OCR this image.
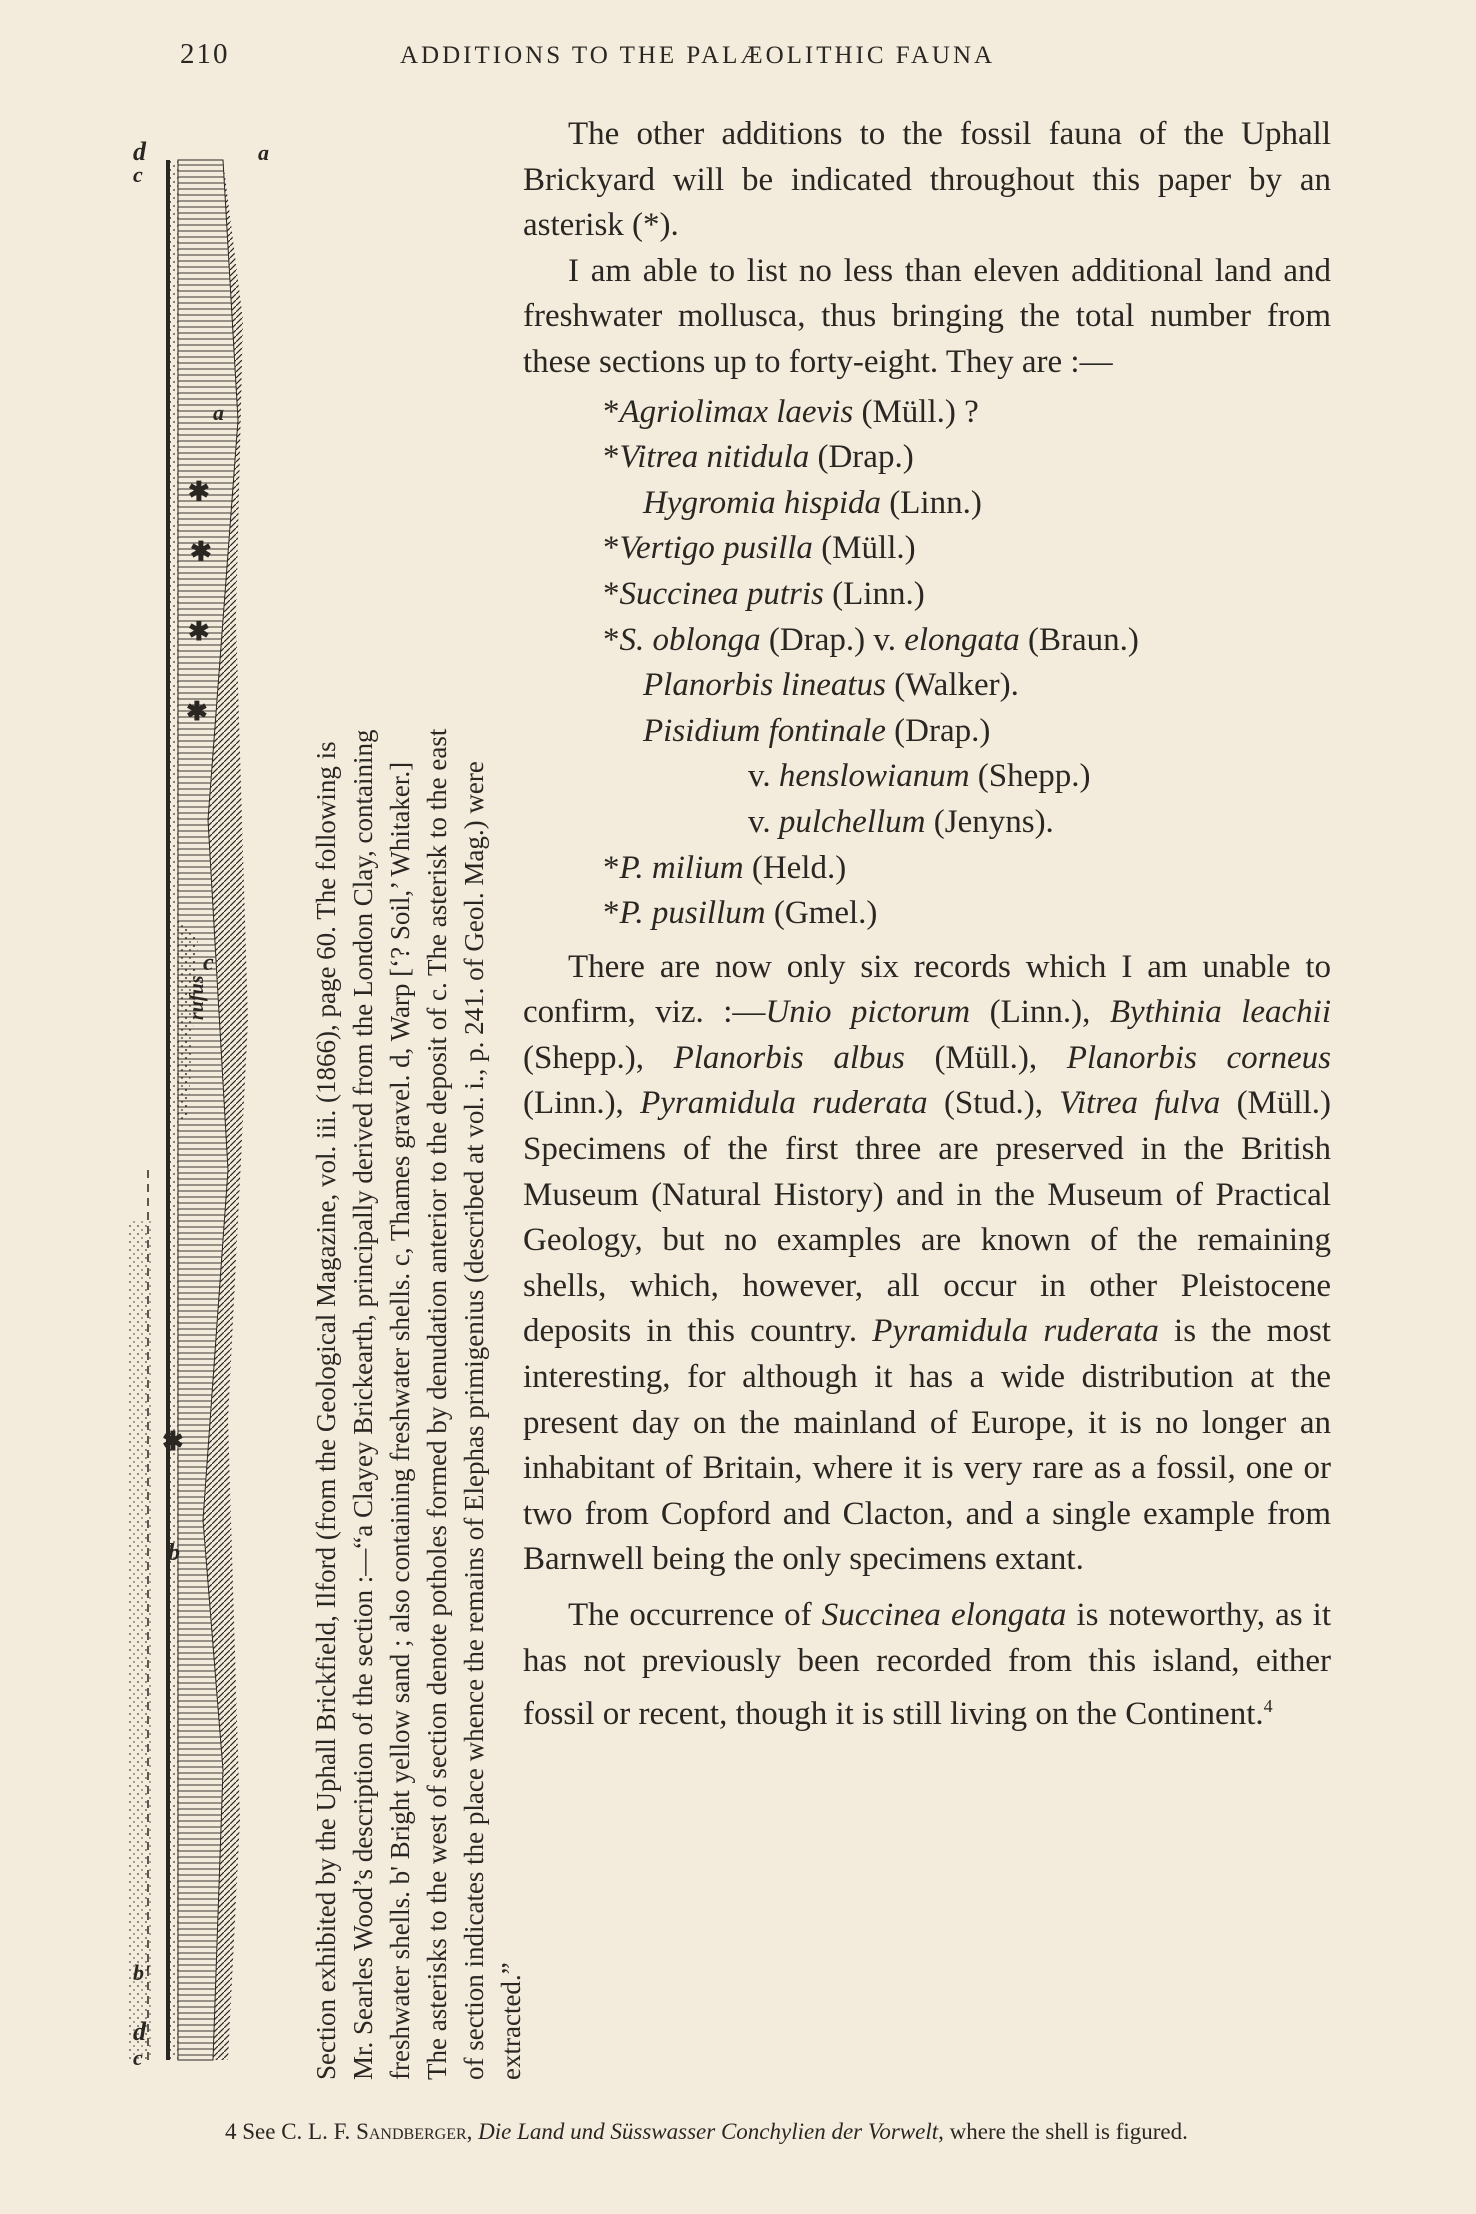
210	ADDITIONS TO THE PALÆOLITHIC FAUNA
✱
✱
✱
✱
✱
d
c
d
c
b'
b
c
a
a
rufus	Section exhibited by the Uphall Brickfield, Ilford (from the Geological Magazine, vol. iii. (1866), page 60. The following is Mr. Searles Wood’s description of the section :—“a Clayey Brickearth, principally derived from the London Clay, containing freshwater shells. b' Bright yellow sand ; also containing freshwater shells. c, Thames gravel. d, Warp [‘? Soil,’ Whitaker.] The asterisks to the west of section denote potholes formed by denudation anterior to the deposit of c. The asterisk to the east of section indicates the place whence the remains of Elephas primigenius (described at vol. i., p. 241. of Geol. Mag.) were extracted.”

The other additions to the fossil fauna of the Uphall Brickyard will be indicated throughout this paper by an asterisk (*).

I am able to list no less than eleven additional land and freshwater mollusca, thus bringing the total number from these sections up to forty-eight. They are :—

*Agriolimax laevis (Müll.) ?
*Vitrea nitidula (Drap.)
Hygromia hispida (Linn.)
*Vertigo pusilla (Müll.)
*Succinea putris (Linn.)
*S. oblonga (Drap.) v. elongata (Braun.)
Planorbis lineatus (Walker).
Pisidium fontinale (Drap.)
v. henslowianum (Shepp.)
v. pulchellum (Jenyns).
*P. milium (Held.)
*P. pusillum (Gmel.)

There are now only six records which I am unable to confirm, viz. :—Unio pictorum (Linn.), Bythinia leachii (Shepp.), Planorbis albus (Müll.), Planorbis corneus (Linn.), Pyramidula ruderata (Stud.), Vitrea fulva (Müll.) Specimens of the first three are preserved in the British Museum (Natural History) and in the Museum of Practical Geology, but no examples are known of the remaining shells, which, however, all occur in other Pleistocene deposits in this country. Pyramidula ruderata is the most interesting, for although it has a wide distribution at the present day on the mainland of Europe, it is no longer an inhabitant of Britain, where it is very rare as a fossil, one or two from Copford and Clacton, and a single example from Barnwell being the only specimens extant.

The occurrence of Succinea elongata is noteworthy, as it has not previously been recorded from this island, either fossil or recent, though it is still living on the Continent.$^4$

4 See C. L. F. Sandberger, Die Land und Süsswasser Conchylien der Vorwelt, where the shell is figured.
